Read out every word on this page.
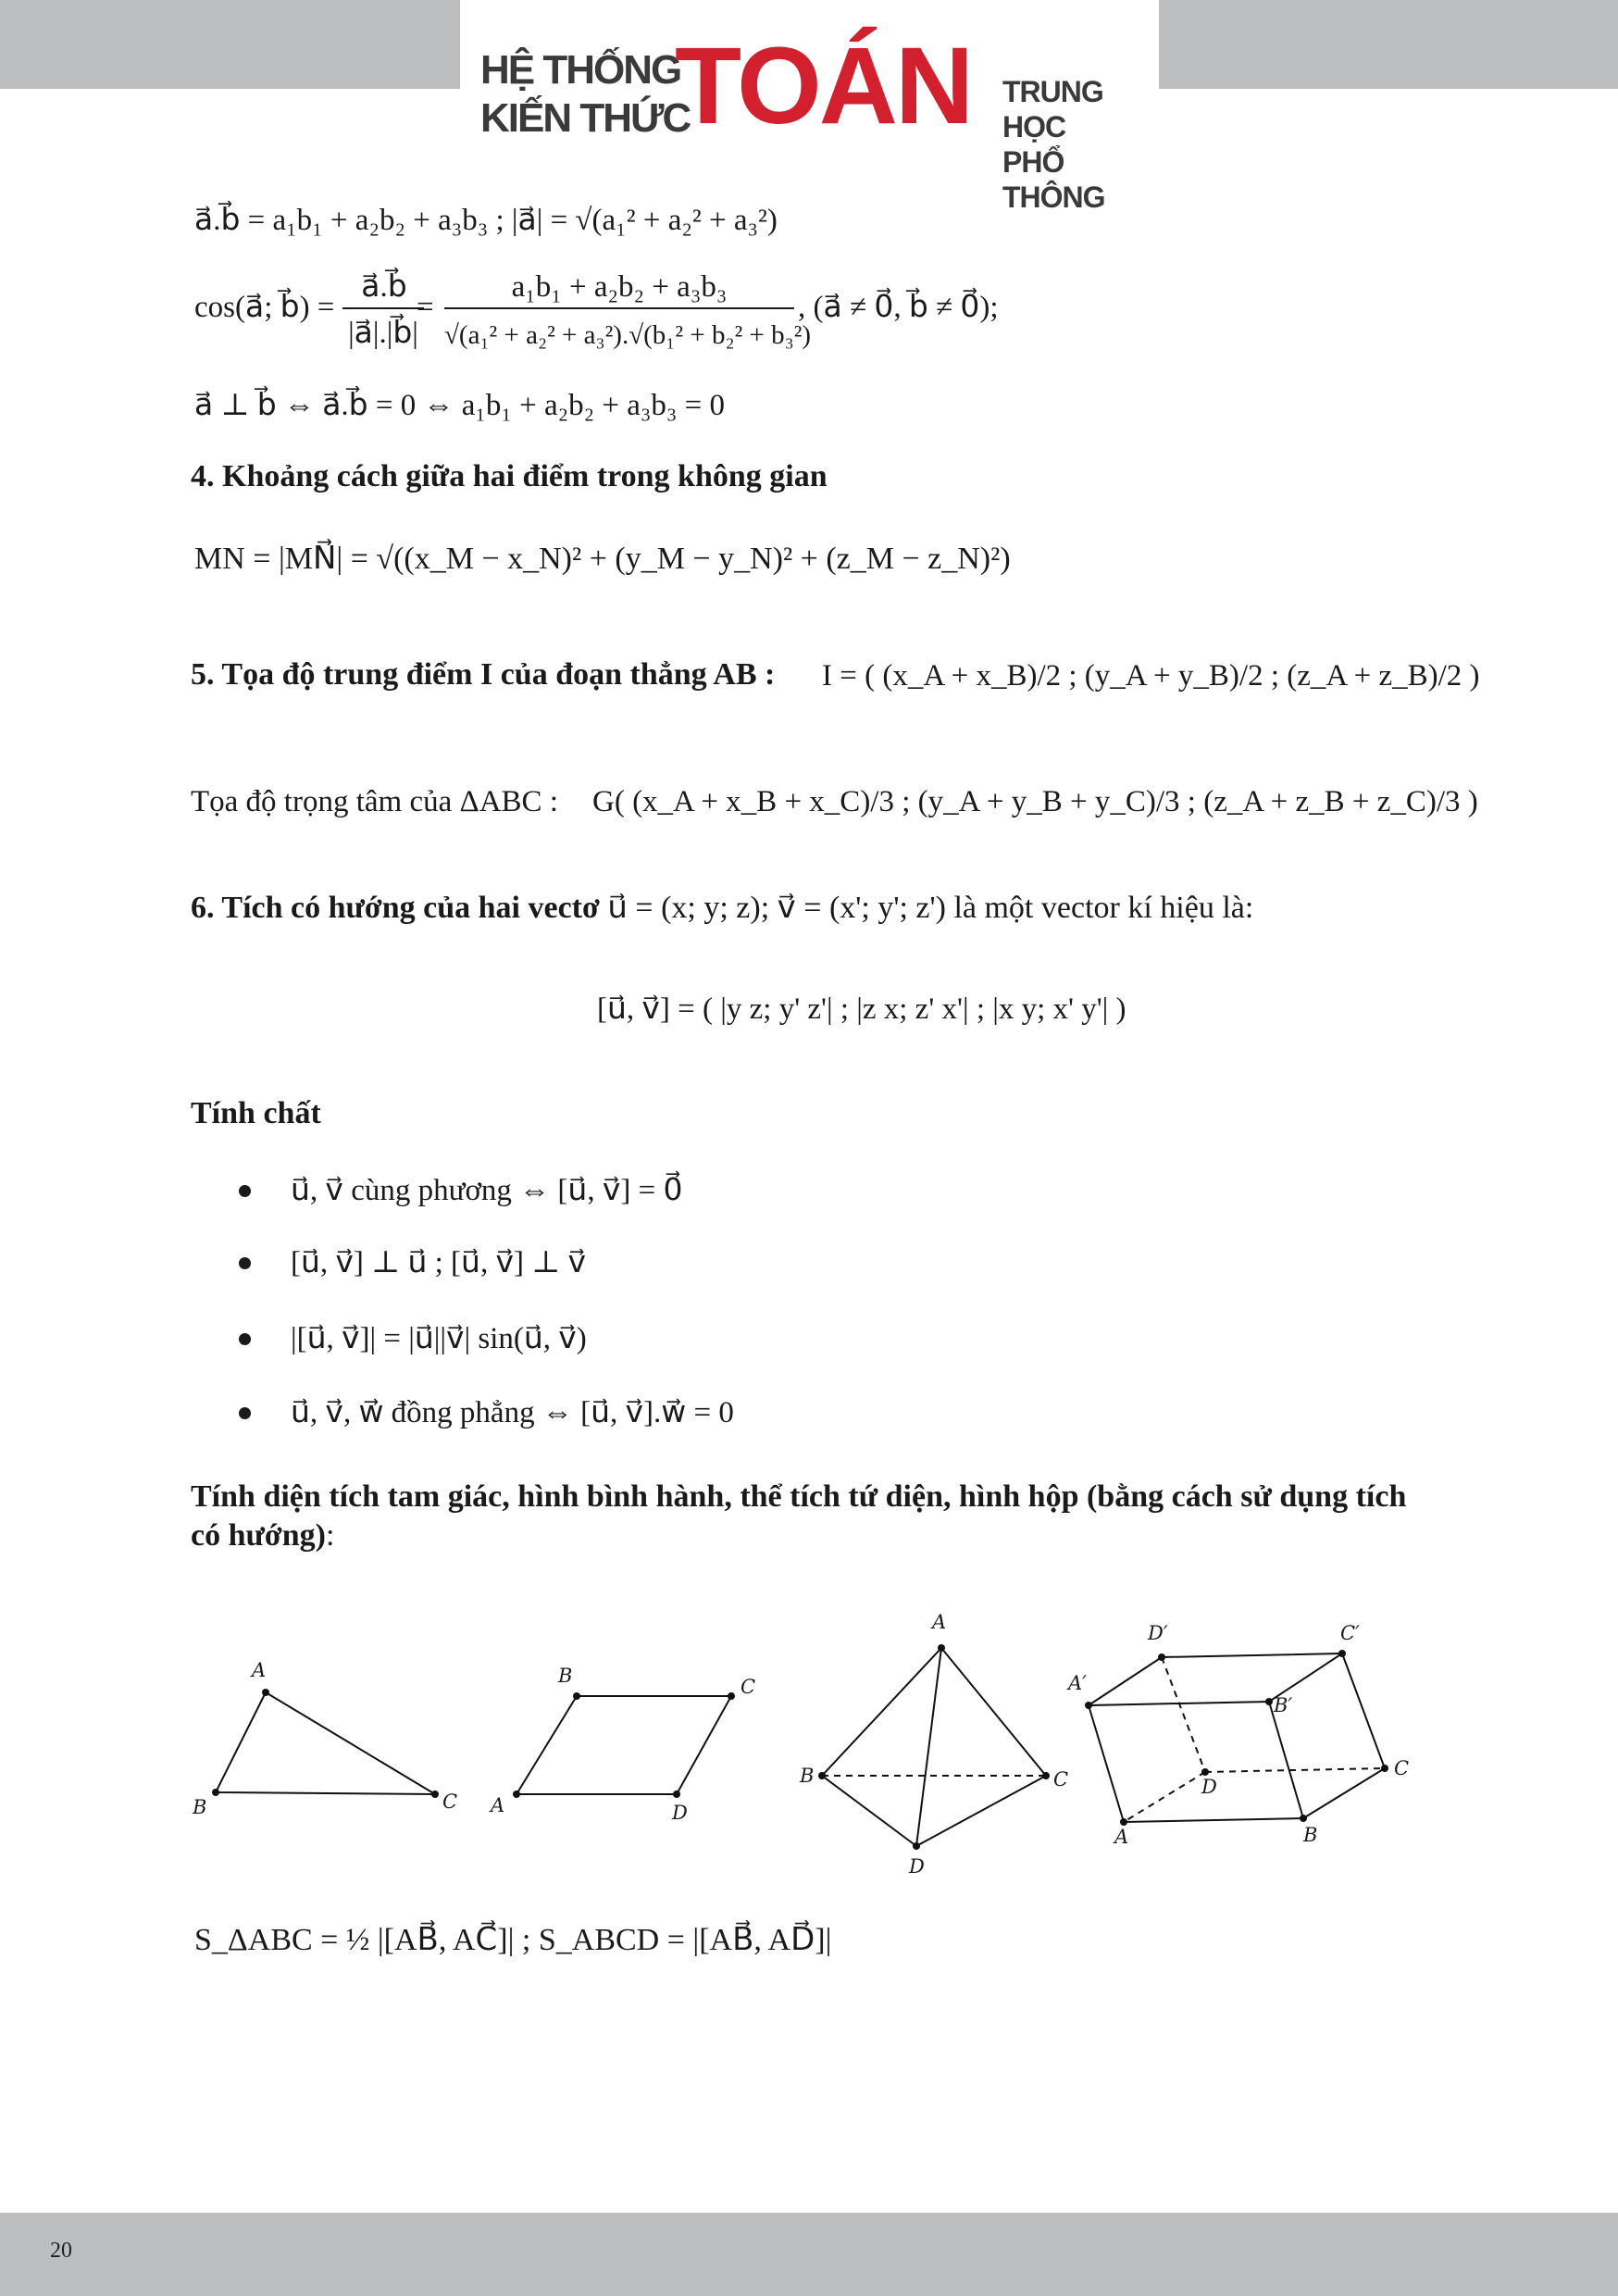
HỆ THỐNG
KIẾN THỨC
TOÁN TRUNG HỌC
PHỔ THÔNG
a⃗.b⃗ = a₁b₁ + a₂b₂ + a₃b₃ ; |a⃗| = √(a₁² + a₂² + a₃²)
cos(a⃗; b⃗) =
a⃗.b⃗
|a⃗|.|b⃗|
=
a₁b₁ + a₂b₂ + a₃b₃
√(a₁² + a₂² + a₃²).√(b₁² + b₂² + b₃²)
, (a⃗ ≠ 0⃗, b⃗ ≠ 0⃗);
a⃗ ⊥ b⃗ ⇔ a⃗.b⃗ = 0 ⇔ a₁b₁ + a₂b₂ + a₃b₃ = 0
4. Khoảng cách giữa hai điểm trong không gian
MN = |MN⃗| = √((x_M − x_N)² + (y_M − y_N)² + (z_M − z_N)²)
5. Tọa độ trung điểm I của đoạn thẳng AB : I = ( (x_A + x_B)/2 ; (y_A + y_B)/2 ; (z_A + z_B)/2 )
Tọa độ trọng tâm của ΔABC : G( (x_A + x_B + x_C)/3 ; (y_A + y_B + y_C)/3 ; (z_A + z_B + z_C)/3 )
6. Tích có hướng của hai vectơ u⃗ = (x; y; z); v⃗ = (x'; y'; z') là một vector kí hiệu là:
[u⃗, v⃗] = ( |y z; y' z'| ; |z x; z' x'| ; |x y; x' y'| )
Tính chất
u⃗, v⃗ cùng phương ⇔ [u⃗, v⃗] = 0⃗
[u⃗, v⃗] ⊥ u⃗ ; [u⃗, v⃗] ⊥ v⃗
|[u⃗, v⃗]| = |u⃗||v⃗| sin(u⃗, v⃗)
u⃗, v⃗, w⃗ đồng phẳng ⇔ [u⃗, v⃗].w⃗ = 0
Tính diện tích tam giác, hình bình hành, thể tích tứ diện, hình hộp (bằng cách sử dụng tích
có hướng):
A
B	C
B	C
A	D
A
B	C
D
D′	C′
A′
B′
D
C
A	B
S_ΔABC = ½ |[AB⃗, AC⃗]| ; S_ABCD = |[AB⃗, AD⃗]|
20
